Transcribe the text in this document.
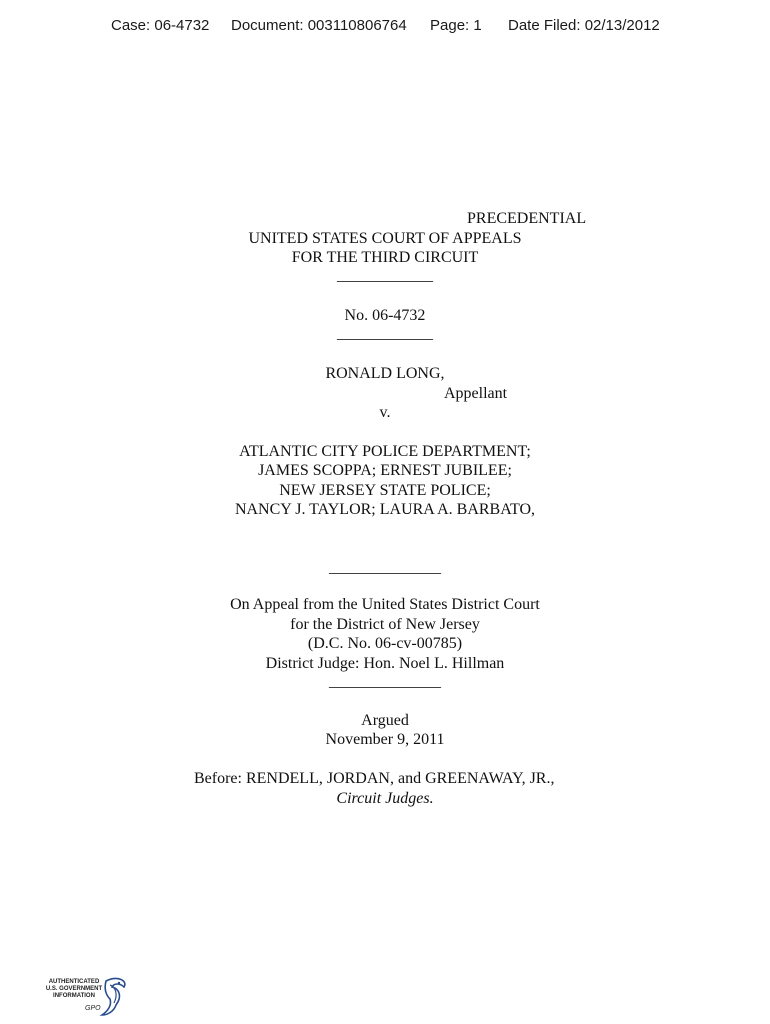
Case: 06-4732 Document: 003110806764 Page: 1 Date Filed: 02/13/2012
PRECEDENTIAL
UNITED STATES COURT OF APPEALS
FOR THE THIRD CIRCUIT
____________
No. 06-4732
____________
RONALD LONG,
Appellant
v.
ATLANTIC CITY POLICE DEPARTMENT;
JAMES SCOPPA; ERNEST JUBILEE;
NEW JERSEY STATE POLICE;
NANCY J. TAYLOR; LAURA A. BARBATO,
______________
On Appeal from the United States District Court
for the District of New Jersey
(D.C. No. 06-cv-00785)
District Judge: Hon. Noel L. Hillman
______________
Argued
November 9, 2011
Before: RENDELL, JORDAN, and GREENAWAY, JR.,
Circuit Judges.
AUTHENTICATED U.S. GOVERNMENT INFORMATION
GPO
